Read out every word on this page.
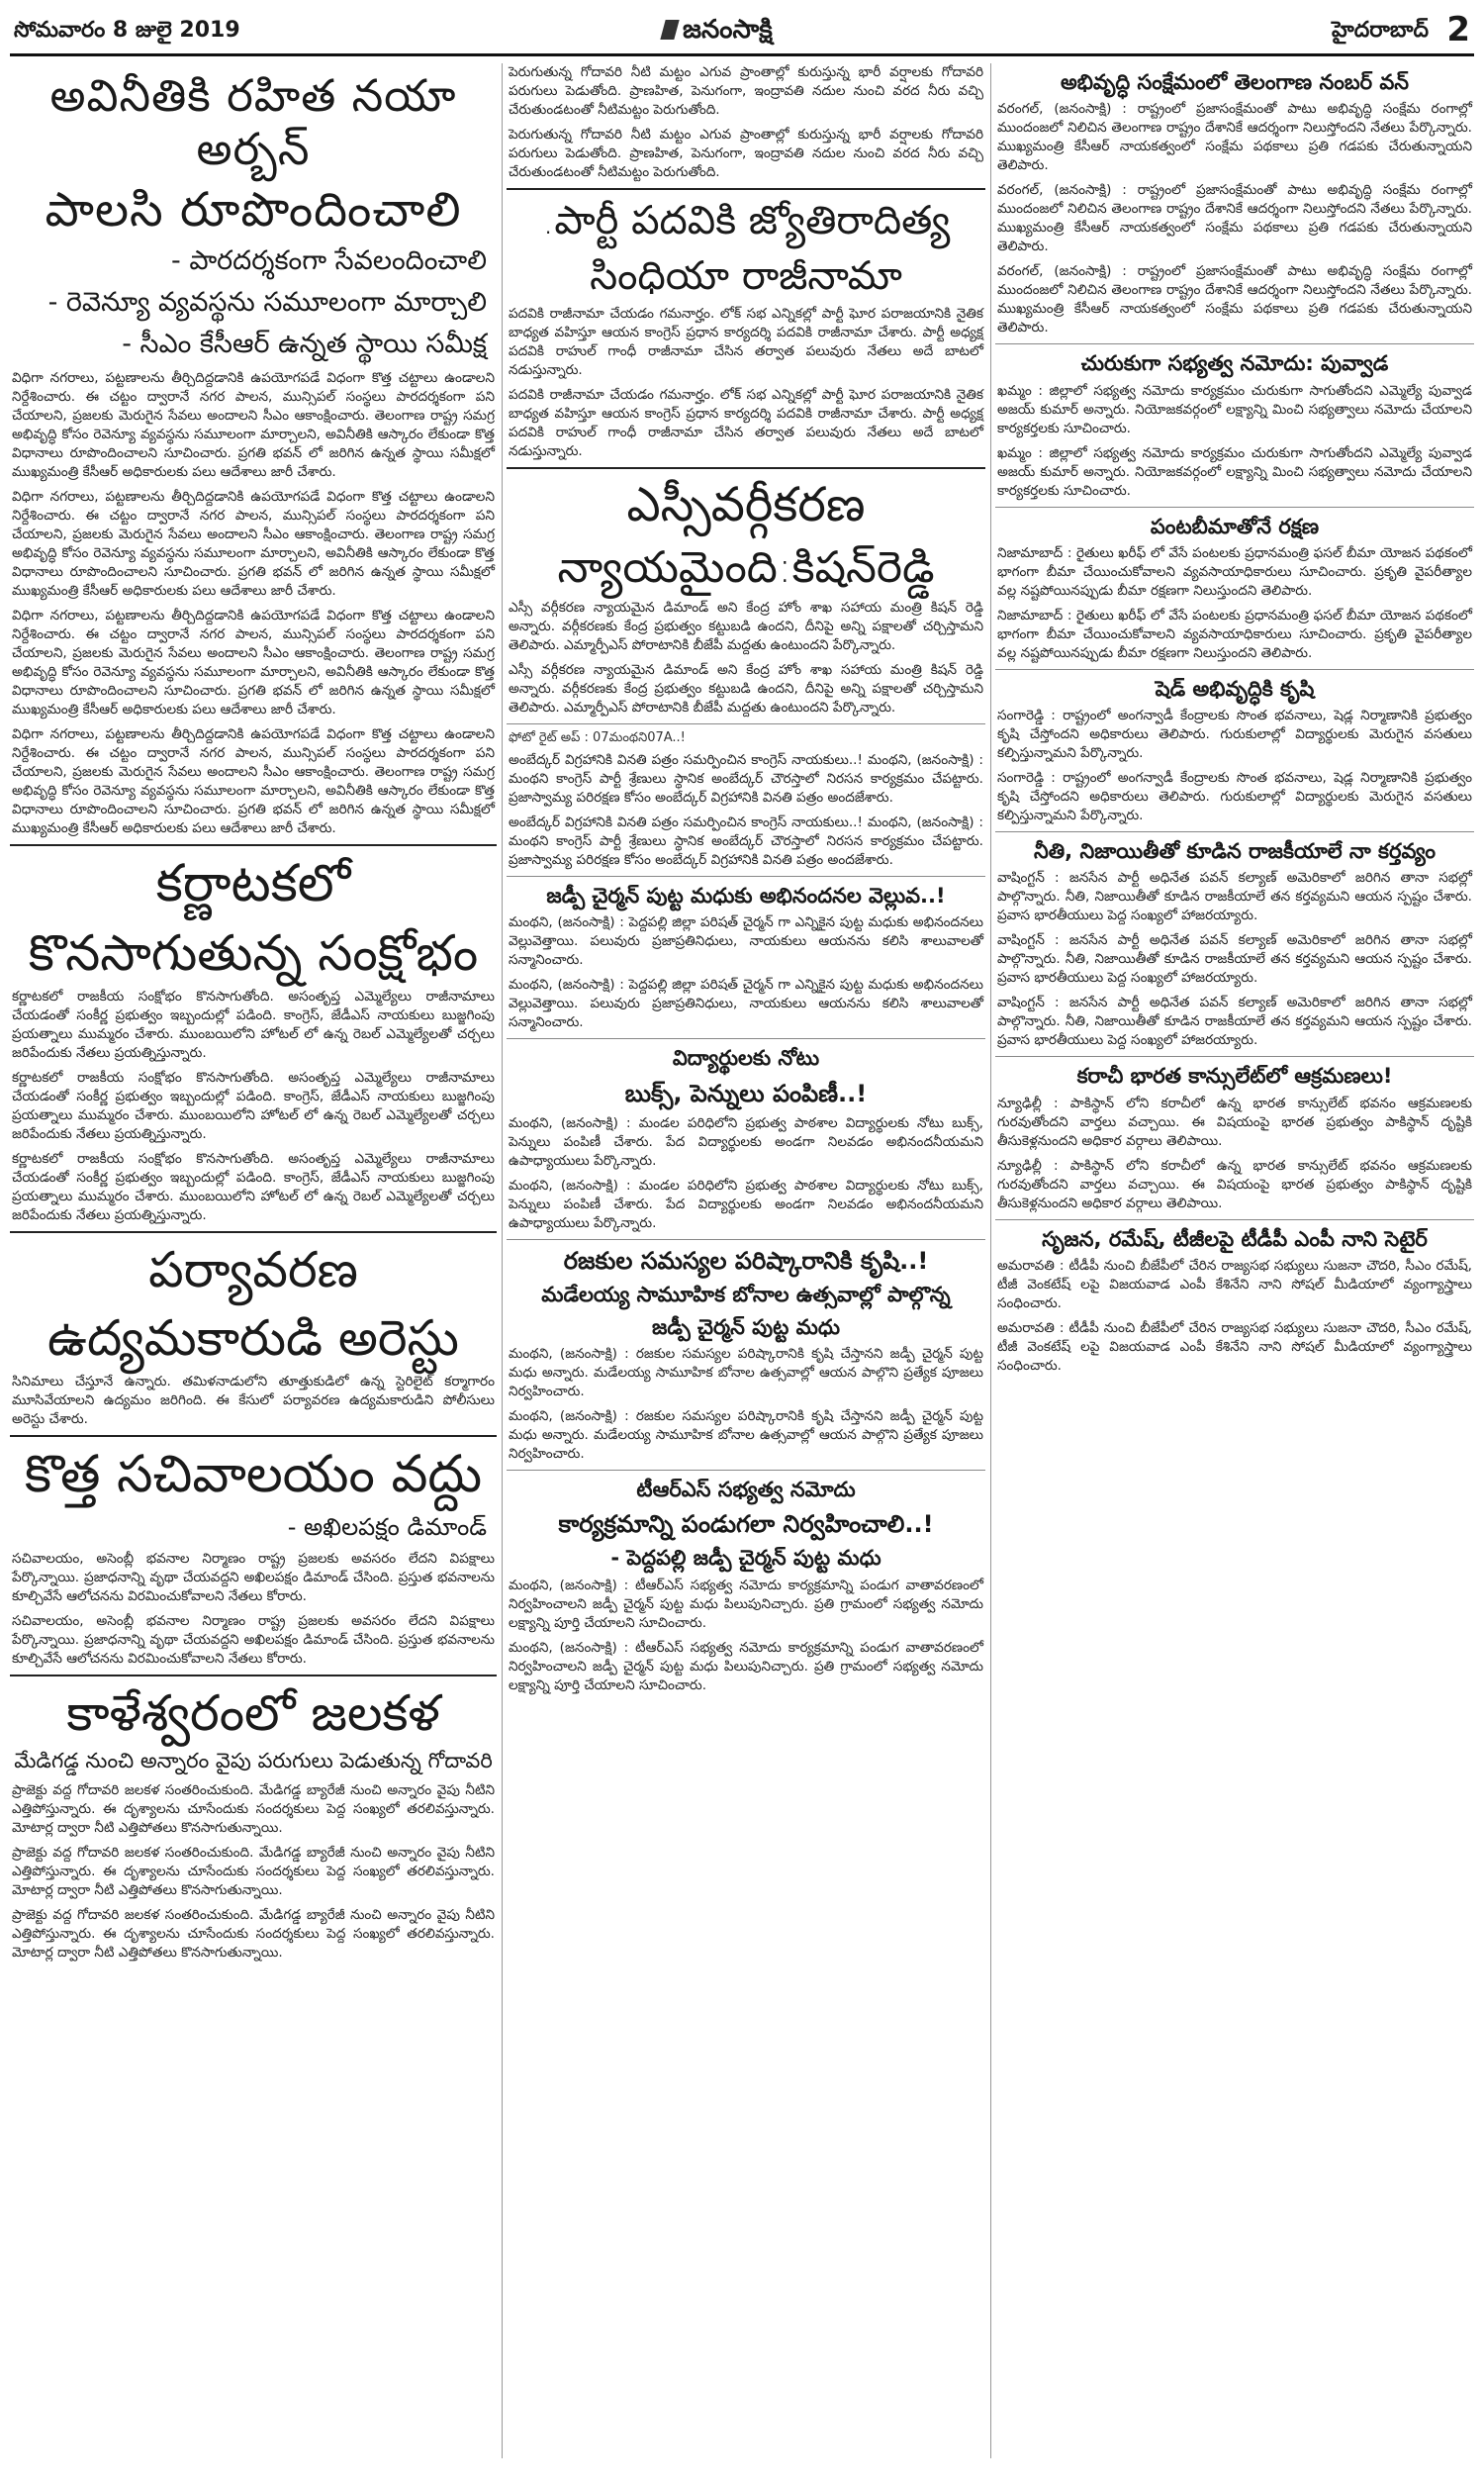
సోమవారం 8 జులై 2019	జనంసాక్షి	హైదరాబాద్ 2
అవినీతికి రహిత నయా అర్బన్
పాలసి రూపొందించాలి
- పారదర్శకంగా సేవలందించాలి
- రెవెన్యూ వ్యవస్థను సమూలంగా మార్చాలి
- సీఎం కేసీఆర్ ఉన్నత స్థాయి సమీక్ష

విధిగా నగరాలు, పట్టణాలను తీర్చిదిద్దడానికి ఉపయోగపడే విధంగా కొత్త చట్టాలు ఉండాలని నిర్దేశించారు. ఈ చట్టం ద్వారానే నగర పాలన, మున్సిపల్ సంస్థలు పారదర్శకంగా పని చేయాలని, ప్రజలకు మెరుగైన సేవలు అందాలని సీఎం ఆకాంక్షించారు. తెలంగాణ రాష్ట్ర సమగ్ర అభివృద్ధి కోసం రెవెన్యూ వ్యవస్థను సమూలంగా మార్చాలని, అవినీతికి ఆస్కారం లేకుండా కొత్త విధానాలు రూపొందించాలని సూచించారు. ప్రగతి భవన్ లో జరిగిన ఉన్నత స్థాయి సమీక్షలో ముఖ్యమంత్రి కేసీఆర్ అధికారులకు పలు ఆదేశాలు జారీ చేశారు.

విధిగా నగరాలు, పట్టణాలను తీర్చిదిద్దడానికి ఉపయోగపడే విధంగా కొత్త చట్టాలు ఉండాలని నిర్దేశించారు. ఈ చట్టం ద్వారానే నగర పాలన, మున్సిపల్ సంస్థలు పారదర్శకంగా పని చేయాలని, ప్రజలకు మెరుగైన సేవలు అందాలని సీఎం ఆకాంక్షించారు. తెలంగాణ రాష్ట్ర సమగ్ర అభివృద్ధి కోసం రెవెన్యూ వ్యవస్థను సమూలంగా మార్చాలని, అవినీతికి ఆస్కారం లేకుండా కొత్త విధానాలు రూపొందించాలని సూచించారు. ప్రగతి భవన్ లో జరిగిన ఉన్నత స్థాయి సమీక్షలో ముఖ్యమంత్రి కేసీఆర్ అధికారులకు పలు ఆదేశాలు జారీ చేశారు.

విధిగా నగరాలు, పట్టణాలను తీర్చిదిద్దడానికి ఉపయోగపడే విధంగా కొత్త చట్టాలు ఉండాలని నిర్దేశించారు. ఈ చట్టం ద్వారానే నగర పాలన, మున్సిపల్ సంస్థలు పారదర్శకంగా పని చేయాలని, ప్రజలకు మెరుగైన సేవలు అందాలని సీఎం ఆకాంక్షించారు. తెలంగాణ రాష్ట్ర సమగ్ర అభివృద్ధి కోసం రెవెన్యూ వ్యవస్థను సమూలంగా మార్చాలని, అవినీతికి ఆస్కారం లేకుండా కొత్త విధానాలు రూపొందించాలని సూచించారు. ప్రగతి భవన్ లో జరిగిన ఉన్నత స్థాయి సమీక్షలో ముఖ్యమంత్రి కేసీఆర్ అధికారులకు పలు ఆదేశాలు జారీ చేశారు.

విధిగా నగరాలు, పట్టణాలను తీర్చిదిద్దడానికి ఉపయోగపడే విధంగా కొత్త చట్టాలు ఉండాలని నిర్దేశించారు. ఈ చట్టం ద్వారానే నగర పాలన, మున్సిపల్ సంస్థలు పారదర్శకంగా పని చేయాలని, ప్రజలకు మెరుగైన సేవలు అందాలని సీఎం ఆకాంక్షించారు. తెలంగాణ రాష్ట్ర సమగ్ర అభివృద్ధి కోసం రెవెన్యూ వ్యవస్థను సమూలంగా మార్చాలని, అవినీతికి ఆస్కారం లేకుండా కొత్త విధానాలు రూపొందించాలని సూచించారు. ప్రగతి భవన్ లో జరిగిన ఉన్నత స్థాయి సమీక్షలో ముఖ్యమంత్రి కేసీఆర్ అధికారులకు పలు ఆదేశాలు జారీ చేశారు.

కర్ణాటకలో
కొనసాగుతున్న సంక్షోభం

కర్ణాటకలో రాజకీయ సంక్షోభం కొనసాగుతోంది. అసంతృప్త ఎమ్మెల్యేలు రాజీనామాలు చేయడంతో సంకీర్ణ ప్రభుత్వం ఇబ్బందుల్లో పడింది. కాంగ్రెస్, జేడీఎస్ నాయకులు బుజ్జగింపు ప్రయత్నాలు ముమ్మరం చేశారు. ముంబయిలోని హోటల్ లో ఉన్న రెబల్ ఎమ్మెల్యేలతో చర్చలు జరిపేందుకు నేతలు ప్రయత్నిస్తున్నారు.

కర్ణాటకలో రాజకీయ సంక్షోభం కొనసాగుతోంది. అసంతృప్త ఎమ్మెల్యేలు రాజీనామాలు చేయడంతో సంకీర్ణ ప్రభుత్వం ఇబ్బందుల్లో పడింది. కాంగ్రెస్, జేడీఎస్ నాయకులు బుజ్జగింపు ప్రయత్నాలు ముమ్మరం చేశారు. ముంబయిలోని హోటల్ లో ఉన్న రెబల్ ఎమ్మెల్యేలతో చర్చలు జరిపేందుకు నేతలు ప్రయత్నిస్తున్నారు.

కర్ణాటకలో రాజకీయ సంక్షోభం కొనసాగుతోంది. అసంతృప్త ఎమ్మెల్యేలు రాజీనామాలు చేయడంతో సంకీర్ణ ప్రభుత్వం ఇబ్బందుల్లో పడింది. కాంగ్రెస్, జేడీఎస్ నాయకులు బుజ్జగింపు ప్రయత్నాలు ముమ్మరం చేశారు. ముంబయిలోని హోటల్ లో ఉన్న రెబల్ ఎమ్మెల్యేలతో చర్చలు జరిపేందుకు నేతలు ప్రయత్నిస్తున్నారు.

పర్యావరణ
ఉద్యమకారుడి అరెస్టు

సినిమాలు చేస్తూనే ఉన్నారు. తమిళనాడులోని తూత్తుకుడిలో ఉన్న స్టెరిలైట్ కర్మాగారం మూసివేయాలని ఉద్యమం జరిగింది. ఈ కేసులో పర్యావరణ ఉద్యమకారుడిని పోలీసులు అరెస్టు చేశారు.

కొత్త సచివాలయం వద్దు
- అఖిలపక్షం డిమాండ్

సచివాలయం, అసెంబ్లీ భవనాల నిర్మాణం రాష్ట్ర ప్రజలకు అవసరం లేదని విపక్షాలు పేర్కొన్నాయి. ప్రజాధనాన్ని వృథా చేయవద్దని అఖిలపక్షం డిమాండ్ చేసింది. ప్రస్తుత భవనాలను కూల్చివేసే ఆలోచనను విరమించుకోవాలని నేతలు కోరారు.

సచివాలయం, అసెంబ్లీ భవనాల నిర్మాణం రాష్ట్ర ప్రజలకు అవసరం లేదని విపక్షాలు పేర్కొన్నాయి. ప్రజాధనాన్ని వృథా చేయవద్దని అఖిలపక్షం డిమాండ్ చేసింది. ప్రస్తుత భవనాలను కూల్చివేసే ఆలోచనను విరమించుకోవాలని నేతలు కోరారు.

కాళేశ్వరంలో జలకళ
మేడిగడ్డ నుంచి అన్నారం వైపు పరుగులు పెడుతున్న గోదావరి

ప్రాజెక్టు వద్ద గోదావరి జలకళ సంతరించుకుంది. మేడిగడ్డ బ్యారేజీ నుంచి అన్నారం వైపు నీటిని ఎత్తిపోస్తున్నారు. ఈ దృశ్యాలను చూసేందుకు సందర్శకులు పెద్ద సంఖ్యలో తరలివస్తున్నారు. మోటార్ల ద్వారా నీటి ఎత్తిపోతలు కొనసాగుతున్నాయి.

ప్రాజెక్టు వద్ద గోదావరి జలకళ సంతరించుకుంది. మేడిగడ్డ బ్యారేజీ నుంచి అన్నారం వైపు నీటిని ఎత్తిపోస్తున్నారు. ఈ దృశ్యాలను చూసేందుకు సందర్శకులు పెద్ద సంఖ్యలో తరలివస్తున్నారు. మోటార్ల ద్వారా నీటి ఎత్తిపోతలు కొనసాగుతున్నాయి.

ప్రాజెక్టు వద్ద గోదావరి జలకళ సంతరించుకుంది. మేడిగడ్డ బ్యారేజీ నుంచి అన్నారం వైపు నీటిని ఎత్తిపోస్తున్నారు. ఈ దృశ్యాలను చూసేందుకు సందర్శకులు పెద్ద సంఖ్యలో తరలివస్తున్నారు. మోటార్ల ద్వారా నీటి ఎత్తిపోతలు కొనసాగుతున్నాయి.

పెరుగుతున్న గోదావరి నీటి మట్టం ఎగువ ప్రాంతాల్లో కురుస్తున్న భారీ వర్షాలకు గోదావరి పరుగులు పెడుతోంది. ప్రాణహిత, పెనుగంగా, ఇంద్రావతి నదుల నుంచి వరద నీరు వచ్చి చేరుతుండటంతో నీటిమట్టం పెరుగుతోంది.

పెరుగుతున్న గోదావరి నీటి మట్టం ఎగువ ప్రాంతాల్లో కురుస్తున్న భారీ వర్షాలకు గోదావరి పరుగులు పెడుతోంది. ప్రాణహిత, పెనుగంగా, ఇంద్రావతి నదుల నుంచి వరద నీరు వచ్చి చేరుతుండటంతో నీటిమట్టం పెరుగుతోంది.

.పార్టీ పదవికి జ్యోతిరాదిత్య
సింధియా రాజీనామా

పదవికి రాజీనామా చేయడం గమనార్హం. లోక్ సభ ఎన్నికల్లో పార్టీ ఘోర పరాజయానికి నైతిక బాధ్యత వహిస్తూ ఆయన కాంగ్రెస్ ప్రధాన కార్యదర్శి పదవికి రాజీనామా చేశారు. పార్టీ అధ్యక్ష పదవికి రాహుల్ గాంధీ రాజీనామా చేసిన తర్వాత పలువురు నేతలు అదే బాటలో నడుస్తున్నారు.

పదవికి రాజీనామా చేయడం గమనార్హం. లోక్ సభ ఎన్నికల్లో పార్టీ ఘోర పరాజయానికి నైతిక బాధ్యత వహిస్తూ ఆయన కాంగ్రెస్ ప్రధాన కార్యదర్శి పదవికి రాజీనామా చేశారు. పార్టీ అధ్యక్ష పదవికి రాహుల్ గాంధీ రాజీనామా చేసిన తర్వాత పలువురు నేతలు అదే బాటలో నడుస్తున్నారు.

ఎస్సీవర్గీకరణ
న్యాయమైంది:కిషన్‌రెడ్డి

ఎస్సీ వర్గీకరణ న్యాయమైన డిమాండ్ అని కేంద్ర హోం శాఖ సహాయ మంత్రి కిషన్ రెడ్డి అన్నారు. వర్గీకరణకు కేంద్ర ప్రభుత్వం కట్టుబడి ఉందని, దీనిపై అన్ని పక్షాలతో చర్చిస్తామని తెలిపారు. ఎమ్మార్పీఎస్ పోరాటానికి బీజేపీ మద్దతు ఉంటుందని పేర్కొన్నారు.

ఎస్సీ వర్గీకరణ న్యాయమైన డిమాండ్ అని కేంద్ర హోం శాఖ సహాయ మంత్రి కిషన్ రెడ్డి అన్నారు. వర్గీకరణకు కేంద్ర ప్రభుత్వం కట్టుబడి ఉందని, దీనిపై అన్ని పక్షాలతో చర్చిస్తామని తెలిపారు. ఎమ్మార్పీఎస్ పోరాటానికి బీజేపీ మద్దతు ఉంటుందని పేర్కొన్నారు.

ఫోటో రైట్ అప్ : 07మంథని07A..!

అంబేద్కర్ విగ్రహానికి వినతి పత్రం సమర్పించిన కాంగ్రెస్ నాయకులు..! మంథని, (జనంసాక్షి) : మంథని కాంగ్రెస్ పార్టీ శ్రేణులు స్థానిక అంబేద్కర్ చౌరస్తాలో నిరసన కార్యక్రమం చేపట్టారు. ప్రజాస్వామ్య పరిరక్షణ కోసం అంబేద్కర్ విగ్రహానికి వినతి పత్రం అందజేశారు.

అంబేద్కర్ విగ్రహానికి వినతి పత్రం సమర్పించిన కాంగ్రెస్ నాయకులు..! మంథని, (జనంసాక్షి) : మంథని కాంగ్రెస్ పార్టీ శ్రేణులు స్థానిక అంబేద్కర్ చౌరస్తాలో నిరసన కార్యక్రమం చేపట్టారు. ప్రజాస్వామ్య పరిరక్షణ కోసం అంబేద్కర్ విగ్రహానికి వినతి పత్రం అందజేశారు.

జడ్పీ చైర్మన్ పుట్ట మధుకు అభినందనల వెల్లువ..!

మంథని, (జనంసాక్షి) : పెద్దపల్లి జిల్లా పరిషత్ చైర్మన్ గా ఎన్నికైన పుట్ట మధుకు అభినందనలు వెల్లువెత్తాయి. పలువురు ప్రజాప్రతినిధులు, నాయకులు ఆయనను కలిసి శాలువాలతో సన్మానించారు.

మంథని, (జనంసాక్షి) : పెద్దపల్లి జిల్లా పరిషత్ చైర్మన్ గా ఎన్నికైన పుట్ట మధుకు అభినందనలు వెల్లువెత్తాయి. పలువురు ప్రజాప్రతినిధులు, నాయకులు ఆయనను కలిసి శాలువాలతో సన్మానించారు.

విద్యార్థులకు నోటు
బుక్స్, పెన్నులు పంపిణీ..!

మంథని, (జనంసాక్షి) : మండల పరిధిలోని ప్రభుత్వ పాఠశాల విద్యార్థులకు నోటు బుక్స్, పెన్నులు పంపిణీ చేశారు. పేద విద్యార్థులకు అండగా నిలవడం అభినందనీయమని ఉపాధ్యాయులు పేర్కొన్నారు.

మంథని, (జనంసాక్షి) : మండల పరిధిలోని ప్రభుత్వ పాఠశాల విద్యార్థులకు నోటు బుక్స్, పెన్నులు పంపిణీ చేశారు. పేద విద్యార్థులకు అండగా నిలవడం అభినందనీయమని ఉపాధ్యాయులు పేర్కొన్నారు.

రజకుల సమస్యల పరిష్కారానికి కృషి..!
మడేలయ్య సామూహిక బోనాల ఉత్సవాల్లో పాల్గొన్న
జడ్పీ చైర్మన్ పుట్ట మధు

మంథని, (జనంసాక్షి) : రజకుల సమస్యల పరిష్కారానికి కృషి చేస్తానని జడ్పీ చైర్మన్ పుట్ట మధు అన్నారు. మడేలయ్య సామూహిక బోనాల ఉత్సవాల్లో ఆయన పాల్గొని ప్రత్యేక పూజలు నిర్వహించారు.

మంథని, (జనంసాక్షి) : రజకుల సమస్యల పరిష్కారానికి కృషి చేస్తానని జడ్పీ చైర్మన్ పుట్ట మధు అన్నారు. మడేలయ్య సామూహిక బోనాల ఉత్సవాల్లో ఆయన పాల్గొని ప్రత్యేక పూజలు నిర్వహించారు.

టీఆర్ఎస్ సభ్యత్వ నమోదు
కార్యక్రమాన్ని పండుగలా నిర్వహించాలి..!
- పెద్దపల్లి జడ్పీ చైర్మన్ పుట్ట మధు

మంథని, (జనంసాక్షి) : టీఆర్ఎస్ సభ్యత్వ నమోదు కార్యక్రమాన్ని పండుగ వాతావరణంలో నిర్వహించాలని జడ్పీ చైర్మన్ పుట్ట మధు పిలుపునిచ్చారు. ప్రతి గ్రామంలో సభ్యత్వ నమోదు లక్ష్యాన్ని పూర్తి చేయాలని సూచించారు.

మంథని, (జనంసాక్షి) : టీఆర్ఎస్ సభ్యత్వ నమోదు కార్యక్రమాన్ని పండుగ వాతావరణంలో నిర్వహించాలని జడ్పీ చైర్మన్ పుట్ట మధు పిలుపునిచ్చారు. ప్రతి గ్రామంలో సభ్యత్వ నమోదు లక్ష్యాన్ని పూర్తి చేయాలని సూచించారు.

అభివృద్ధి సంక్షేమంలో తెలంగాణ నంబర్ వన్

వరంగల్, (జనంసాక్షి) : రాష్ట్రంలో ప్రజాసంక్షేమంతో పాటు అభివృద్ధి సంక్షేమ రంగాల్లో ముందంజలో నిలిచిన తెలంగాణ రాష్ట్రం దేశానికే ఆదర్శంగా నిలుస్తోందని నేతలు పేర్కొన్నారు. ముఖ్యమంత్రి కేసీఆర్ నాయకత్వంలో సంక్షేమ పథకాలు ప్రతి గడపకు చేరుతున్నాయని తెలిపారు.

వరంగల్, (జనంసాక్షి) : రాష్ట్రంలో ప్రజాసంక్షేమంతో పాటు అభివృద్ధి సంక్షేమ రంగాల్లో ముందంజలో నిలిచిన తెలంగాణ రాష్ట్రం దేశానికే ఆదర్శంగా నిలుస్తోందని నేతలు పేర్కొన్నారు. ముఖ్యమంత్రి కేసీఆర్ నాయకత్వంలో సంక్షేమ పథకాలు ప్రతి గడపకు చేరుతున్నాయని తెలిపారు.

వరంగల్, (జనంసాక్షి) : రాష్ట్రంలో ప్రజాసంక్షేమంతో పాటు అభివృద్ధి సంక్షేమ రంగాల్లో ముందంజలో నిలిచిన తెలంగాణ రాష్ట్రం దేశానికే ఆదర్శంగా నిలుస్తోందని నేతలు పేర్కొన్నారు. ముఖ్యమంత్రి కేసీఆర్ నాయకత్వంలో సంక్షేమ పథకాలు ప్రతి గడపకు చేరుతున్నాయని తెలిపారు.

చురుకుగా సభ్యత్వ నమోదు: పువ్వాడ

ఖమ్మం : జిల్లాలో సభ్యత్వ నమోదు కార్యక్రమం చురుకుగా సాగుతోందని ఎమ్మెల్యే పువ్వాడ అజయ్ కుమార్ అన్నారు. నియోజకవర్గంలో లక్ష్యాన్ని మించి సభ్యత్వాలు నమోదు చేయాలని కార్యకర్తలకు సూచించారు.

ఖమ్మం : జిల్లాలో సభ్యత్వ నమోదు కార్యక్రమం చురుకుగా సాగుతోందని ఎమ్మెల్యే పువ్వాడ అజయ్ కుమార్ అన్నారు. నియోజకవర్గంలో లక్ష్యాన్ని మించి సభ్యత్వాలు నమోదు చేయాలని కార్యకర్తలకు సూచించారు.

పంటబీమాతోనే రక్షణ

నిజామాబాద్ : రైతులు ఖరీఫ్ లో వేసే పంటలకు ప్రధానమంత్రి ఫసల్ బీమా యోజన పథకంలో భాగంగా బీమా చేయించుకోవాలని వ్యవసాయాధికారులు సూచించారు. ప్రకృతి వైపరీత్యాల వల్ల నష్టపోయినప్పుడు బీమా రక్షణగా నిలుస్తుందని తెలిపారు.

నిజామాబాద్ : రైతులు ఖరీఫ్ లో వేసే పంటలకు ప్రధానమంత్రి ఫసల్ బీమా యోజన పథకంలో భాగంగా బీమా చేయించుకోవాలని వ్యవసాయాధికారులు సూచించారు. ప్రకృతి వైపరీత్యాల వల్ల నష్టపోయినప్పుడు బీమా రక్షణగా నిలుస్తుందని తెలిపారు.

షెడ్ అభివృద్ధికి కృషి

సంగారెడ్డి : రాష్ట్రంలో అంగన్వాడీ కేంద్రాలకు సొంత భవనాలు, షెడ్ల నిర్మాణానికి ప్రభుత్వం కృషి చేస్తోందని అధికారులు తెలిపారు. గురుకులాల్లో విద్యార్థులకు మెరుగైన వసతులు కల్పిస్తున్నామని పేర్కొన్నారు.

సంగారెడ్డి : రాష్ట్రంలో అంగన్వాడీ కేంద్రాలకు సొంత భవనాలు, షెడ్ల నిర్మాణానికి ప్రభుత్వం కృషి చేస్తోందని అధికారులు తెలిపారు. గురుకులాల్లో విద్యార్థులకు మెరుగైన వసతులు కల్పిస్తున్నామని పేర్కొన్నారు.

నీతి, నిజాయితీతో కూడిన రాజకీయాలే నా కర్తవ్యం

వాషింగ్టన్ : జనసేన పార్టీ అధినేత పవన్ కల్యాణ్ అమెరికాలో జరిగిన తానా సభల్లో పాల్గొన్నారు. నీతి, నిజాయితీతో కూడిన రాజకీయాలే తన కర్తవ్యమని ఆయన స్పష్టం చేశారు. ప్రవాస భారతీయులు పెద్ద సంఖ్యలో హాజరయ్యారు.

వాషింగ్టన్ : జనసేన పార్టీ అధినేత పవన్ కల్యాణ్ అమెరికాలో జరిగిన తానా సభల్లో పాల్గొన్నారు. నీతి, నిజాయితీతో కూడిన రాజకీయాలే తన కర్తవ్యమని ఆయన స్పష్టం చేశారు. ప్రవాస భారతీయులు పెద్ద సంఖ్యలో హాజరయ్యారు.

వాషింగ్టన్ : జనసేన పార్టీ అధినేత పవన్ కల్యాణ్ అమెరికాలో జరిగిన తానా సభల్లో పాల్గొన్నారు. నీతి, నిజాయితీతో కూడిన రాజకీయాలే తన కర్తవ్యమని ఆయన స్పష్టం చేశారు. ప్రవాస భారతీయులు పెద్ద సంఖ్యలో హాజరయ్యారు.

కరాచీ భారత కాన్సులేట్‌లో ఆక్రమణలు!

న్యూఢిల్లీ : పాకిస్థాన్ లోని కరాచీలో ఉన్న భారత కాన్సులేట్ భవనం ఆక్రమణలకు గురవుతోందని వార్తలు వచ్చాయి. ఈ విషయంపై భారత ప్రభుత్వం పాకిస్థాన్ దృష్టికి తీసుకెళ్లనుందని అధికార వర్గాలు తెలిపాయి.

న్యూఢిల్లీ : పాకిస్థాన్ లోని కరాచీలో ఉన్న భారత కాన్సులేట్ భవనం ఆక్రమణలకు గురవుతోందని వార్తలు వచ్చాయి. ఈ విషయంపై భారత ప్రభుత్వం పాకిస్థాన్ దృష్టికి తీసుకెళ్లనుందని అధికార వర్గాలు తెలిపాయి.

సృజన, రమేష్, టీజీలపై టీడీపీ ఎంపీ నాని సెటైర్

అమరావతి : టీడీపీ నుంచి బీజేపీలో చేరిన రాజ్యసభ సభ్యులు సుజనా చౌదరి, సీఎం రమేష్, టీజీ వెంకటేష్ లపై విజయవాడ ఎంపీ కేశినేని నాని సోషల్ మీడియాలో వ్యంగ్యాస్త్రాలు సంధించారు.

అమరావతి : టీడీపీ నుంచి బీజేపీలో చేరిన రాజ్యసభ సభ్యులు సుజనా చౌదరి, సీఎం రమేష్, టీజీ వెంకటేష్ లపై విజయవాడ ఎంపీ కేశినేని నాని సోషల్ మీడియాలో వ్యంగ్యాస్త్రాలు సంధించారు.
